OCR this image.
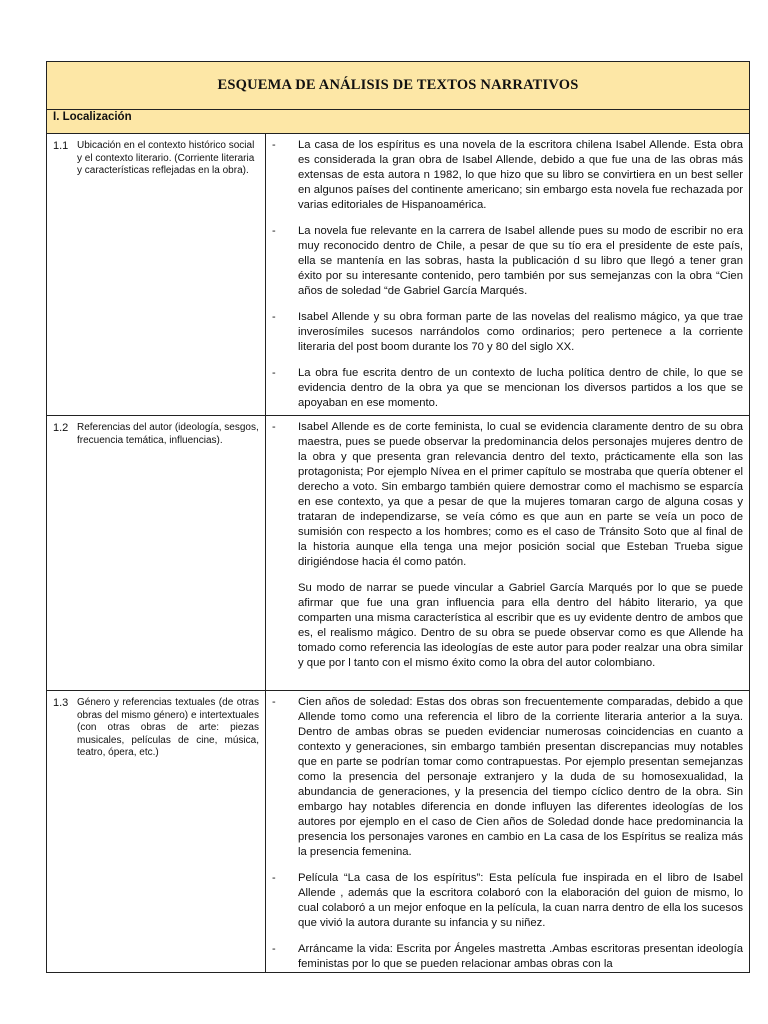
ESQUEMA DE ANÁLISIS DE TEXTOS NARRATIVOS
I. Localización
1.1 Ubicación en el contexto histórico social y el contexto literario. (Corriente literaria y características reflejadas en la obra).
-	La casa de los espíritus es una novela de la escritora chilena Isabel Allende. Esta obra es considerada la gran obra de Isabel Allende, debido a que fue una de las obras más extensas de esta autora n 1982, lo que hizo que su libro se convirtiera en un best seller en algunos países del continente americano; sin embargo esta novela fue rechazada por varias editoriales de Hispanoamérica.
-	La novela fue relevante en la carrera de Isabel allende pues su modo de escribir no era muy reconocido dentro de Chile, a pesar de que su tío era el presidente de este país, ella se mantenía en las sobras, hasta la publicación d su libro que llegó a tener gran éxito por su interesante contenido, pero también por sus semejanzas con la obra “Cien años de soledad “de Gabriel García Marqués.
-	Isabel Allende y su obra forman parte de las novelas del realismo mágico, ya que trae inverosímiles sucesos narrándolos como ordinarios; pero pertenece a la corriente literaria del post boom durante los 70 y 80 del siglo XX.
-	La obra fue escrita dentro de un contexto de lucha política dentro de chile, lo que se evidencia dentro de la obra ya que se mencionan los diversos partidos a los que se apoyaban en ese momento.
1.2 Referencias del autor (ideología, sesgos, frecuencia temática, influencias).
-	Isabel Allende es de corte feminista, lo cual se evidencia claramente dentro de su obra maestra, pues se puede observar la predominancia delos personajes mujeres dentro de la obra y que presenta gran relevancia dentro del texto, prácticamente ella son las protagonista; Por ejemplo Nívea en el primer capítulo se mostraba que quería obtener el derecho a voto. Sin embargo también quiere demostrar como el machismo se esparcía en ese contexto, ya que a pesar de que la mujeres tomaran cargo de alguna cosas y trataran de independizarse, se veía cómo es que aun en parte se veía un poco de sumisión con respecto a los hombres; como es el caso de Tránsito Soto que al final de la historia aunque ella tenga una mejor posición social que Esteban Trueba sigue dirigiéndose hacia él como patón.
Su modo de narrar se puede vincular a Gabriel García Marqués por lo que se puede afirmar que fue una gran influencia para ella dentro del hábito literario, ya que comparten una misma característica al escribir que es uy evidente dentro de ambos que es, el realismo mágico. Dentro de su obra se puede observar como es que Allende ha tomado como referencia las ideologías de este autor para poder realzar una obra similar y que por l tanto con el mismo éxito como la obra del autor colombiano.
1.3 Género y referencias textuales (de otras obras del mismo género) e intertextuales (con otras obras de arte: piezas musicales, películas de cine, música, teatro, ópera, etc.)
-	Cien años de soledad: Estas dos obras son frecuentemente comparadas, debido a que Allende tomo como una referencia el libro de la corriente literaria anterior a la suya. Dentro de ambas obras se pueden evidenciar numerosas coincidencias en cuanto a contexto y generaciones, sin embargo también presentan discrepancias muy notables que en parte se podrían tomar como contrapuestas. Por ejemplo presentan semejanzas como la presencia del personaje extranjero y la duda de su homosexualidad, la abundancia de generaciones, y la presencia del tiempo cíclico dentro de la obra. Sin embargo hay notables diferencia en donde influyen las diferentes ideologías de los autores por ejemplo en el caso de Cien años de Soledad donde hace predominancia la presencia los personajes varones en cambio en La casa de los Espíritus se realiza más la presencia femenina.
-	Película “La casa de los espíritus”: Esta película fue inspirada en el libro de Isabel Allende , además que la escritora colaboró con la elaboración del guion de mismo, lo cual colaboró a un mejor enfoque en la película, la cuan narra dentro de ella los sucesos que vivió la autora durante su infancia y su niñez.
-	Arráncame la vida: Escrita por Ángeles mastretta .Ambas escritoras presentan ideología feministas por lo que se pueden relacionar ambas obras con la
